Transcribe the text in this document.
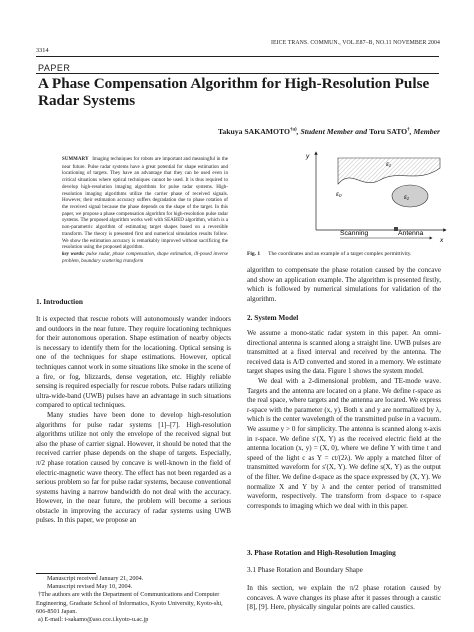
IEICE TRANS. COMMUN., VOL.E87–B, NO.11 NOVEMBER 2004
3314
PAPER
A Phase Compensation Algorithm for High-Resolution Pulse Radar Systems
Takuya SAKAMOTO$^{\dagger a)}$, Student Member and Toru SATO†, Member

SUMMARY Imaging techniques for robots are important and meaningful in the near future. Pulse radar systems have a great potential for shape estimation and locationing of targets. They have an advantage that they can be used even in critical situations where optical techniques cannot be used. It is thus required to develop high-resolution imaging algorithms for pulse radar systems. High-resolution imaging algorithms utilize the carrier phase of received signals. However, their estimation accuracy suffers degradation due to phase rotation of the received signal because the phase depends on the shape of the target. In this paper, we propose a phase compensation algorithm for high-resolution pulse radar systems. The proposed algorithm works well with SEABED algorithm, which is a non-parametric algorithm of estimating target shapes based on a reversible transform. The theory is presented first and numerical simulation results follow. We show the estimation accuracy is remarkably improved without sacrificing the resolution using the proposed algorithm.

key words: pulse radar, phase compensation, shape estimation, ill-posed inverse problem, boundary scattering transform

1. Introduction

It is expected that rescue robots will autonomously wander indoors and outdoors in the near future. They require locationing techniques for their autonomous operation. Shape estimation of nearby objects is necessary to identify them for the locationing. Optical sensing is one of the techniques for shape estimations. However, optical techniques cannot work in some situations like smoke in the scene of a fire, or fog, blizzards, dense vegetation, etc. Highly reliable sensing is required especially for rescue robots. Pulse radars utilizing ultra-wide-band (UWB) pulses have an advantage in such situations compared to optical techniques.

Many studies have been done to develop high-resolution algorithms for pulse radar systems [1]–[7]. High-resolution algorithms utilize not only the envelope of the received signal but also the phase of carrier signal. However, it should be noted that the received carrier phase depends on the shape of targets. Especially, π/2 phase rotation caused by concave is well-known in the field of electric-magnetic wave theory. The effect has not been regarded as a serious problem so far for pulse radar systems, because conventional systems having a narrow bandwidth do not deal with the accuracy. However, in the near future, the problem will become a serious obstacle in improving the accuracy of radar systems using UWB pulses. In this paper, we propose an

Manuscript received January 21, 2004.

Manuscript revised May 10, 2004.

†The authors are with the Department of Communications and Computer Engineering, Graduate School of Informatics, Kyoto University, Kyoto-shi, 606-8501 Japan.

a) E-mail: t-sakamo@aso.cce.i.kyoto-u.ac.jp

y
x
ε₁
ε₀	ε₁
Scanning	Antenna
Fig. 1 The coordinates and an example of a target complex permittivity.

algorithm to compensate the phase rotation caused by the concave and show an application example. The algorithm is presented firstly, which is followed by numerical simulations for validation of the algorithm.

2. System Model

We assume a mono-static radar system in this paper. An omni-directional antenna is scanned along a straight line. UWB pulses are transmitted at a fixed interval and received by the antenna. The received data is A/D converted and stored in a memory. We estimate target shapes using the data. Figure 1 shows the system model.

We deal with a 2-dimensional problem, and TE-mode wave. Targets and the antenna are located on a plane. We define r-space as the real space, where targets and the antenna are located. We express r-space with the parameter (x, y). Both x and y are normalized by λ, which is the center wavelength of the transmitted pulse in a vacuum. We assume y > 0 for simplicity. The antenna is scanned along x-axis in r-space. We define s′(X, Y) as the received electric field at the antenna location (x, y) = (X, 0), where we define Y with time t and speed of the light c as Y = ct/(2λ). We apply a matched filter of transmitted waveform for s′(X, Y). We define s(X, Y) as the output of the filter. We define d-space as the space expressed by (X, Y). We normalize X and Y by λ and the center period of transmitted waveform, respectively. The transform from d-space to r-space corresponds to imaging which we deal with in this paper.

3. Phase Rotation and High-Resolution Imaging
3.1 Phase Rotation and Boundary Shape

In this section, we explain the π/2 phase rotation caused by concaves. A wave changes its phase after it passes through a caustic [8], [9]. Here, physically singular points are called caustics.
